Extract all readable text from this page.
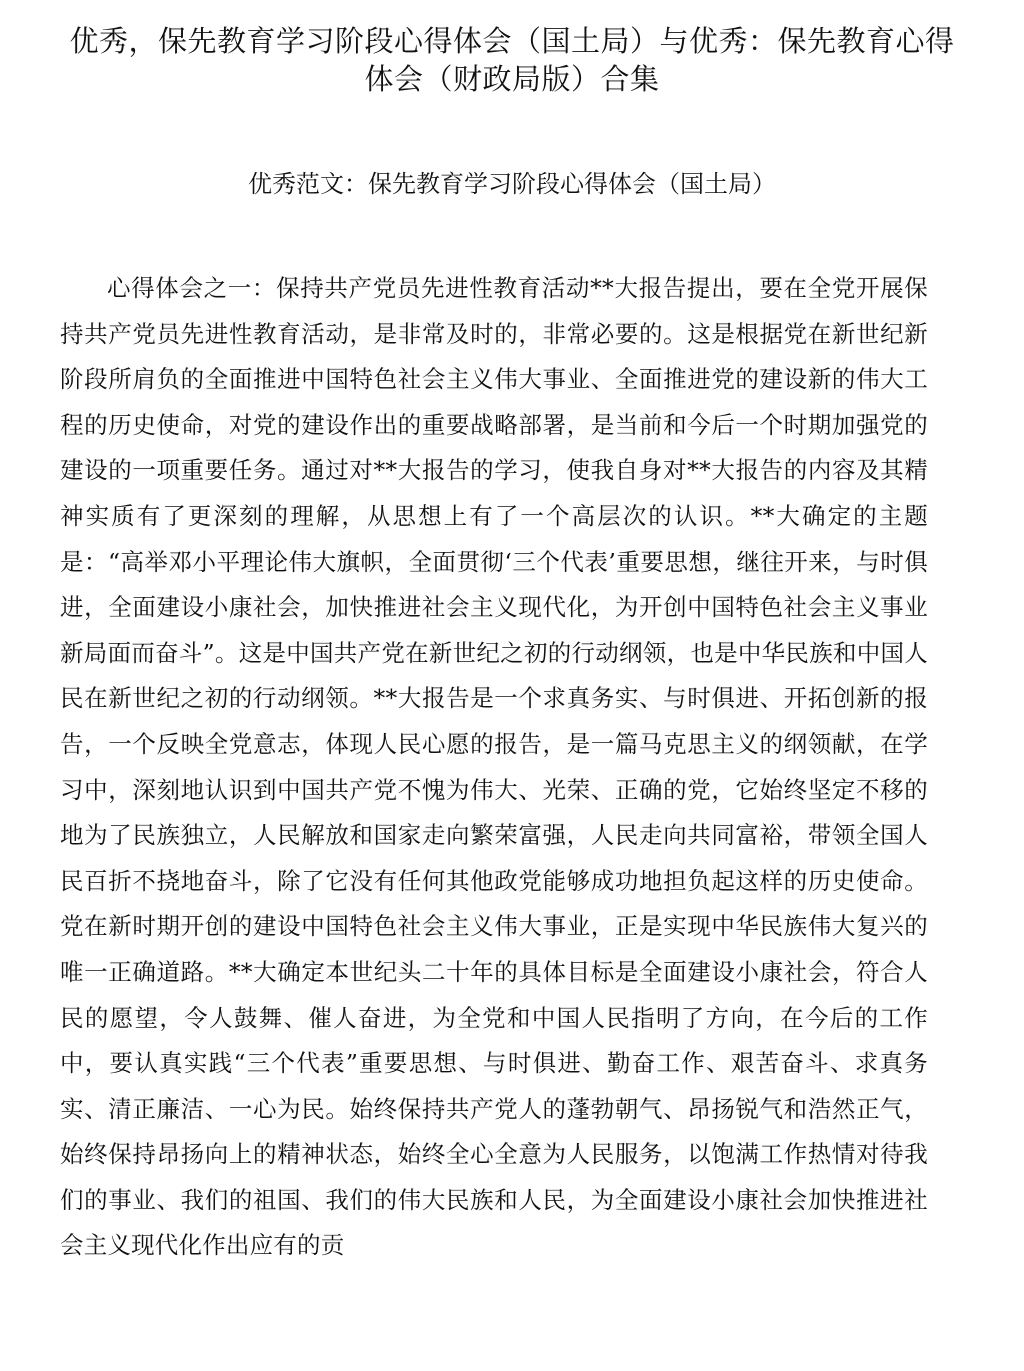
优秀，保先教育学习阶段心得体会（国土局）与优秀：保先教育心得体会（财政局版）合集
优秀范文：保先教育学习阶段心得体会（国土局）

心得体会之一：保持共产党员先进性教育活动**大报告提出，要在全党开展保持共产党员先进性教育活动，是非常及时的，非常必要的。这是根据党在新世纪新阶段所肩负的全面推进中国特色社会主义伟大事业、全面推进党的建设新的伟大工程的历史使命，对党的建设作出的重要战略部署，是当前和今后一个时期加强党的建设的一项重要任务。通过对**大报告的学习，使我自身对**大报告的内容及其精神实质有了更深刻的理解，从思想上有了一个高层次的认识。**大确定的主题是：“高举邓小平理论伟大旗帜，全面贯彻‘三个代表’重要思想，继往开来，与时俱进，全面建设小康社会，加快推进社会主义现代化，为开创中国特色社会主义事业新局面而奋斗”。这是中国共产党在新世纪之初的行动纲领，也是中华民族和中国人民在新世纪之初的行动纲领。**大报告是一个求真务实、与时俱进、开拓创新的报告，一个反映全党意志，体现人民心愿的报告，是一篇马克思主义的纲领献，在学习中，深刻地认识到中国共产党不愧为伟大、光荣、正确的党，它始终坚定不移的地为了民族独立，人民解放和国家走向繁荣富强，人民走向共同富裕，带领全国人民百折不挠地奋斗，除了它没有任何其他政党能够成功地担负起这样的历史使命。党在新时期开创的建设中国特色社会主义伟大事业，正是实现中华民族伟大复兴的唯一正确道路。**大确定本世纪头二十年的具体目标是全面建设小康社会，符合人民的愿望，令人鼓舞、催人奋进，为全党和中国人民指明了方向，在今后的工作中，要认真实践“三个代表”重要思想、与时俱进、勤奋工作、艰苦奋斗、求真务实、清正廉洁、一心为民。始终保持共产党人的蓬勃朝气、昂扬锐气和浩然正气，始终保持昂扬向上的精神状态，始终全心全意为人民服务，以饱满工作热情对待我们的事业、我们的祖国、我们的伟大民族和人民，为全面建设小康社会加快推进社会主义现代化作出应有的贡
